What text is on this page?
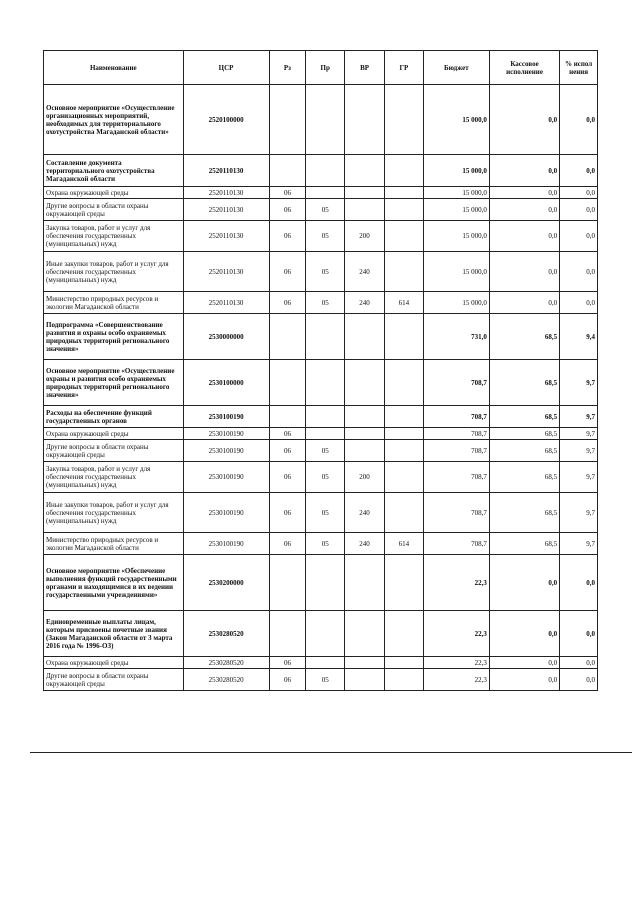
Наименование	ЦСР	Рз	Пр	ВР	ГР	Бюджет	Кассовое исполнение	% испол нения
Основное мероприятие «Осуществление организационных мероприятий, необходимых для территориального охотустройства Магаданской области»	2520100000					15 000,0	0,0	0,0
Составление документа территориального охотустройства Магаданской области	2520110130					15 000,0	0,0	0,0
Охрана окружающей среды	2520110130	06				15 000,0	0,0	0,0
Другие вопросы в области охраны окружающей среды	2520110130	06	05			15 000,0	0,0	0,0
Закупка товаров, работ и услуг для обеспечения государственных (муниципальных) нужд	2520110130	06	05	200		15 000,0	0,0	0,0
Иные закупки товаров, работ и услуг для обеспечения государственных (муниципальных) нужд	2520110130	06	05	240		15 000,0	0,0	0,0
Министерство природных ресурсов и экологии Магаданской области	2520110130	06	05	240	614	15 000,0	0,0	0,0
Подпрограмма «Совершенствование развития и охраны особо охраняемых природных территорий регионального значения»	2530000000					731,0	68,5	9,4
Основное мероприятие «Осуществление охраны и развития особо охраняемых природных территорий регионального значения»	2530100000					708,7	68,5	9,7
Расходы на обеспечение функций государственных органов	2530100190					708,7	68,5	9,7
Охрана окружающей среды	2530100190	06				708,7	68,5	9,7
Другие вопросы в области охраны окружающей среды	2530100190	06	05			708,7	68,5	9,7
Закупка товаров, работ и услуг для обеспечения государственных (муниципальных) нужд	2530100190	06	05	200		708,7	68,5	9,7
Иные закупки товаров, работ и услуг для обеспечения государственных (муниципальных) нужд	2530100190	06	05	240		708,7	68,5	9,7
Министерство природных ресурсов и экологии Магаданской области	2530100190	06	05	240	614	708,7	68,5	9,7
Основное мероприятие «Обеспечение выполнения функций государственными органами и находящимися в их ведении государственными учреждениями»	2530200000					22,3	0,0	0,0
Единовременные выплаты лицам, которым присвоены почетные звания (Закон Магаданской области от 3 марта 2016 года № 1996-ОЗ)	2530280520					22,3	0,0	0,0
Охрана окружающей среды	2530280520	06				22,3	0,0	0,0
Другие вопросы в области охраны окружающей среды	2530280520	06	05			22,3	0,0	0,0
